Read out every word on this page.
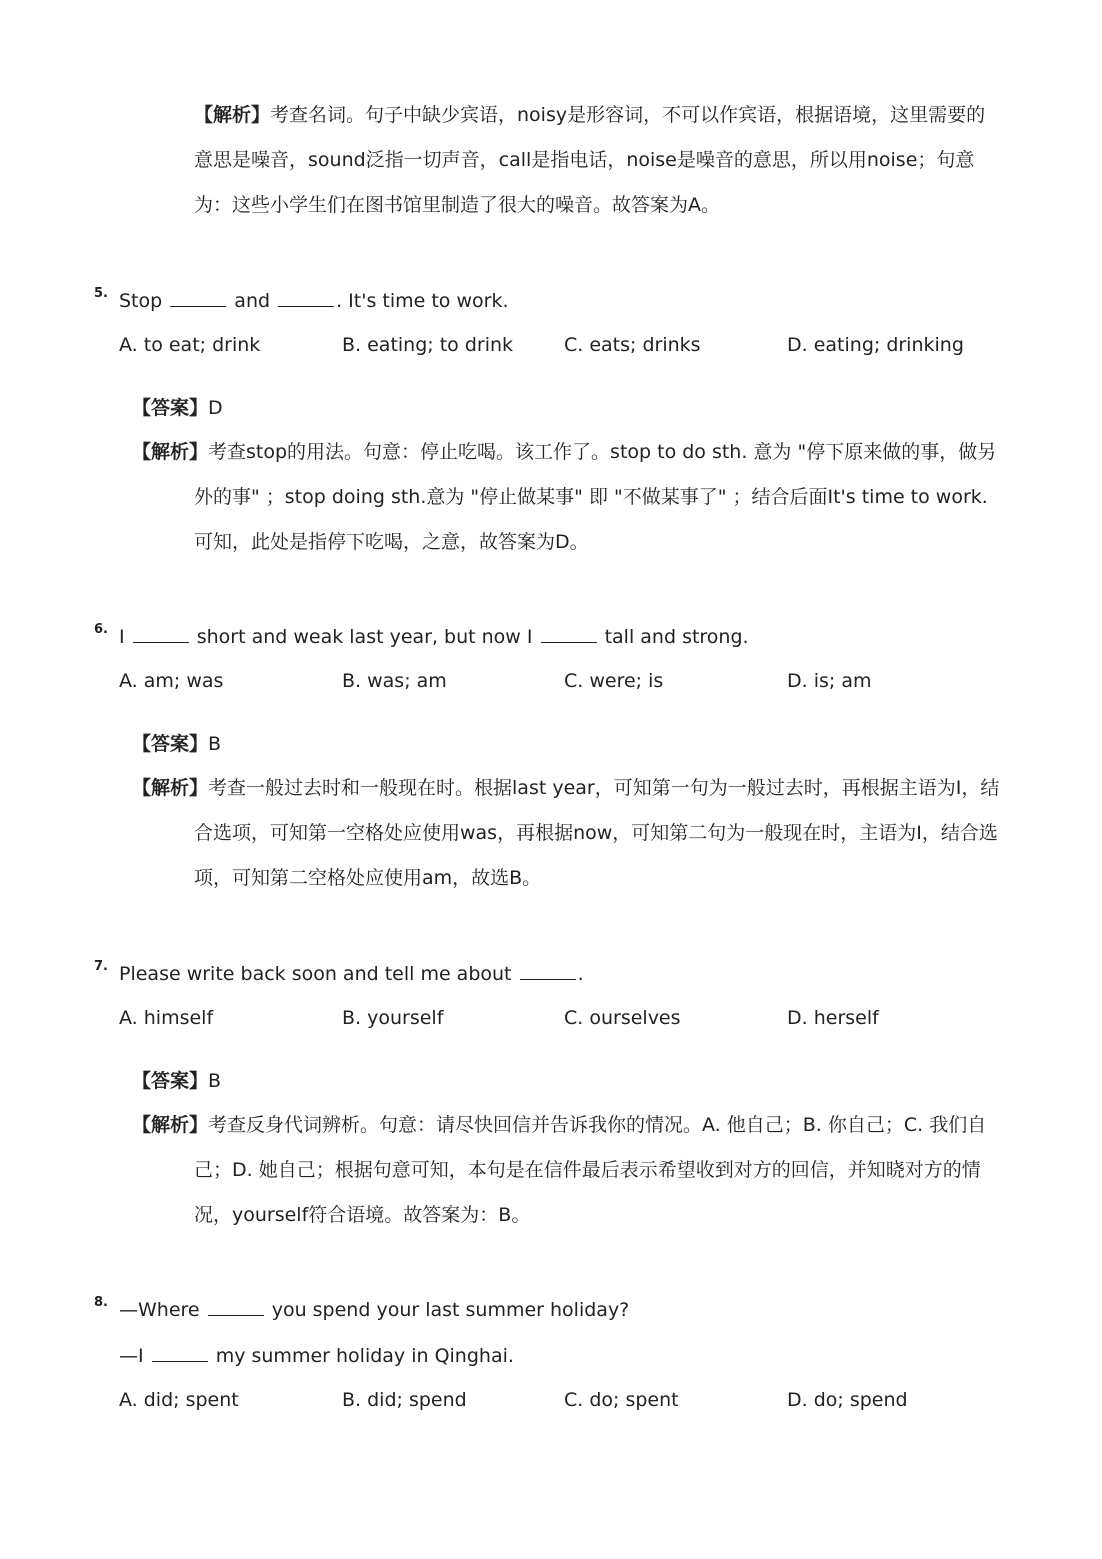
【解析】考查名词。句子中缺少宾语，noisy是形容词，不可以作宾语，根据语境，这里需要的意思是噪音，sound泛指一切声音，call是指电话，noise是噪音的意思，所以用noise；句意为：这些小学生们在图书馆里制造了很大的噪音。故答案为A。
5. Stop	and	. It's time to work.
A. to eat; drink	B. eating; to drink	C. eats; drinks	D. eating; drinking
【答案】D
【解析】考查stop的用法。句意：停止吃喝。该工作了。stop to do sth. 意为 "停下原来做的事，做另外的事" ；stop doing sth.意为 "停止做某事" 即 "不做某事了" ；结合后面It's time to work.可知，此处是指停下吃喝，之意，故答案为D。
6. I	short and weak last year, but now I	tall and strong.
A. am; was	B. was; am	C. were; is	D. is; am
【答案】B
【解析】考查一般过去时和一般现在时。根据last year，可知第一句为一般过去时，再根据主语为I，结合选项，可知第一空格处应使用was，再根据now，可知第二句为一般现在时，主语为I，结合选项，可知第二空格处应使用am，故选B。
7. Please write back soon and tell me about	.
A. himself	B. yourself	C. ourselves	D. herself
【答案】B
【解析】考查反身代词辨析。句意：请尽快回信并告诉我你的情况。A. 他自己；B. 你自己；C. 我们自己；D. 她自己；根据句意可知，本句是在信件最后表示希望收到对方的回信，并知晓对方的情况，yourself符合语境。故答案为：B。
8. —Where	you spend your last summer holiday?
—I	my summer holiday in Qinghai.
A. did; spent	B. did; spend	C. do; spent	D. do; spend
